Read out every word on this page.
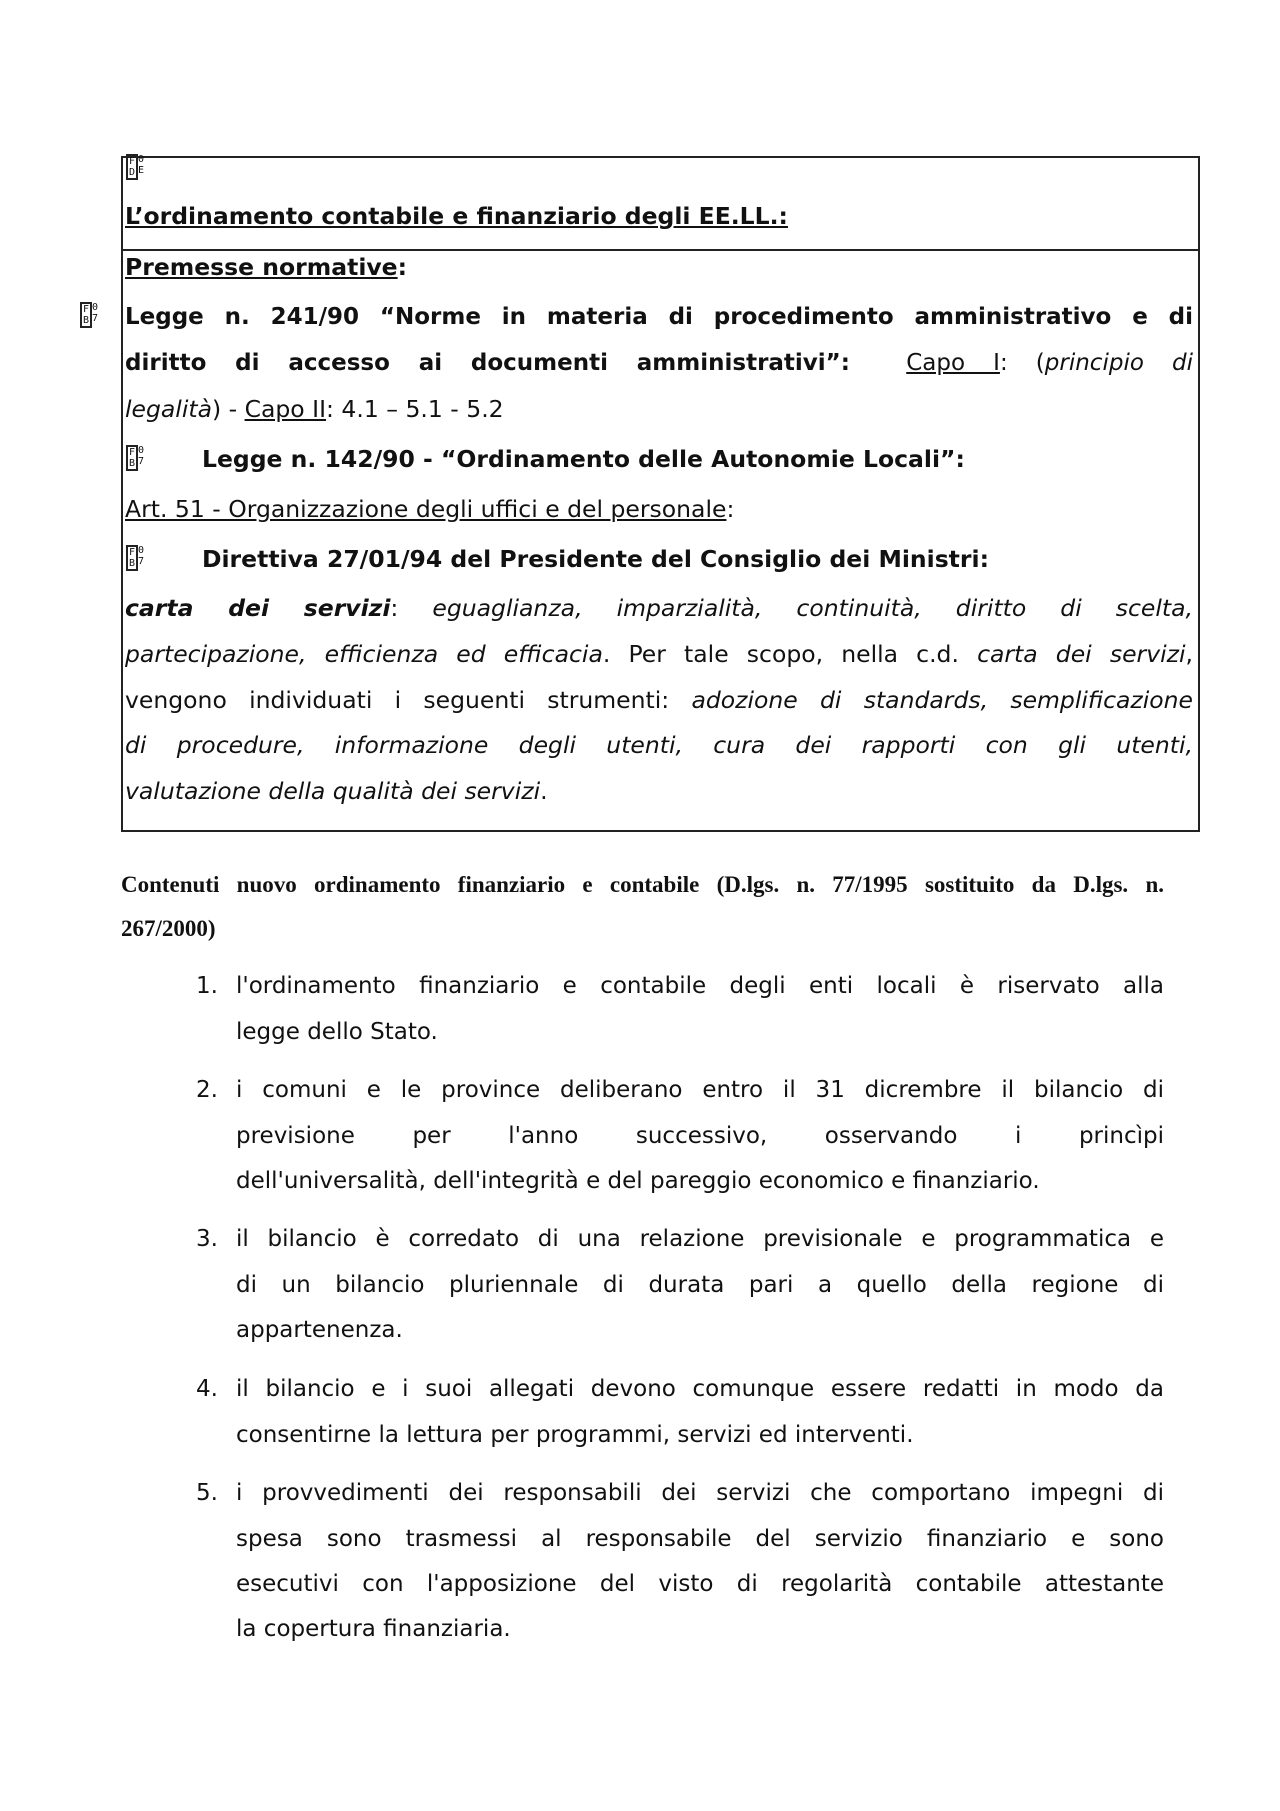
F
D
0
E
L’ordinamento contabile e finanziario degli EE.LL.:
Premesse normative:
F
B
0
7 Legge n. 241/90 “Norme in materia di procedimento amministrativo e di
diritto di accesso ai documenti amministrativi”: Capo I: (principio di
legalità) - Capo II: 4.1 – 5.1 - 5.2
F
B
0
7 Legge n. 142/90 - “Ordinamento delle Autonomie Locali”:
Art. 51 - Organizzazione degli uffici e del personale:
F
B
0
7 Direttiva 27/01/94 del Presidente del Consiglio dei Ministri:
carta dei servizi: eguaglianza, imparzialità, continuità, diritto di scelta,
partecipazione, efficienza ed efficacia. Per tale scopo, nella c.d. carta dei servizi,
vengono individuati i seguenti strumenti: adozione di standards, semplificazione
di procedure, informazione degli utenti, cura dei rapporti con gli utenti,
valutazione della qualità dei servizi.
Contenuti nuovo ordinamento finanziario e contabile (D.lgs. n. 77/1995 sostituito da D.lgs. n.
267/2000)
1. l'ordinamento finanziario e contabile degli enti locali è riservato alla
legge dello Stato.
2. i comuni e le province deliberano entro il 31 dicrembre il bilancio di
previsione per l'anno successivo, osservando i princìpi
dell'universalità, dell'integrità e del pareggio economico e finanziario.
3. il bilancio è corredato di una relazione previsionale e programmatica e
di un bilancio pluriennale di durata pari a quello della regione di
appartenenza.
4. il bilancio e i suoi allegati devono comunque essere redatti in modo da
consentirne la lettura per programmi, servizi ed interventi.
5. i provvedimenti dei responsabili dei servizi che comportano impegni di
spesa sono trasmessi al responsabile del servizio finanziario e sono
esecutivi con l'apposizione del visto di regolarità contabile attestante
la copertura finanziaria.
